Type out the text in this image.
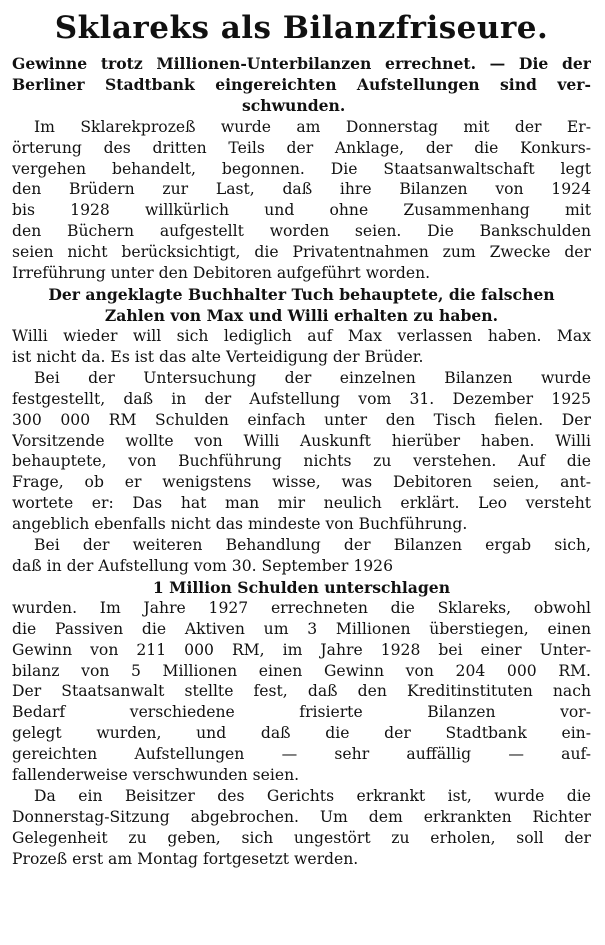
Sklareks als Bilanzfriseure.
Gewinne trotz Millionen-Unterbilanzen errechnet. — Die der
Berliner Stadtbank eingereichten Aufstellungen sind ver-
schwunden.
Im Sklarekprozeß wurde am Donnerstag mit der Er-
örterung des dritten Teils der Anklage, der die Konkurs-
vergehen behandelt, begonnen. Die Staatsanwaltschaft legt
den Brüdern zur Last, daß ihre Bilanzen von 1924
bis 1928 willkürlich und ohne Zusammenhang mit
den Büchern aufgestellt worden seien. Die Bankschulden
seien nicht berücksichtigt, die Privatentnahmen zum Zwecke der
Irreführung unter den Debitoren aufgeführt worden.
Der angeklagte Buchhalter Tuch behauptete, die falschen
Zahlen von Max und Willi erhalten zu haben.
Willi wieder will sich lediglich auf Max verlassen haben. Max
ist nicht da. Es ist das alte Verteidigung der Brüder.
Bei der Untersuchung der einzelnen Bilanzen wurde
festgestellt, daß in der Aufstellung vom 31. Dezember 1925
300 000 RM Schulden einfach unter den Tisch fielen. Der
Vorsitzende wollte von Willi Auskunft hierüber haben. Willi
behauptete, von Buchführung nichts zu verstehen. Auf die
Frage, ob er wenigstens wisse, was Debitoren seien, ant-
wortete er: Das hat man mir neulich erklärt. Leo versteht
angeblich ebenfalls nicht das mindeste von Buchführung.
Bei der weiteren Behandlung der Bilanzen ergab sich,
daß in der Aufstellung vom 30. September 1926
1 Million Schulden unterschlagen
wurden. Im Jahre 1927 errechneten die Sklareks, obwohl
die Passiven die Aktiven um 3 Millionen überstiegen, einen
Gewinn von 211 000 RM, im Jahre 1928 bei einer Unter-
bilanz von 5 Millionen einen Gewinn von 204 000 RM.
Der Staatsanwalt stellte fest, daß den Kreditinstituten nach
Bedarf verschiedene frisierte Bilanzen vor-
gelegt wurden, und daß die der Stadtbank ein-
gereichten Aufstellungen — sehr auffällig — auf-
fallenderweise verschwunden seien.
Da ein Beisitzer des Gerichts erkrankt ist, wurde die
Donnerstag-Sitzung abgebrochen. Um dem erkrankten Richter
Gelegenheit zu geben, sich ungestört zu erholen, soll der
Prozeß erst am Montag fortgesetzt werden.
